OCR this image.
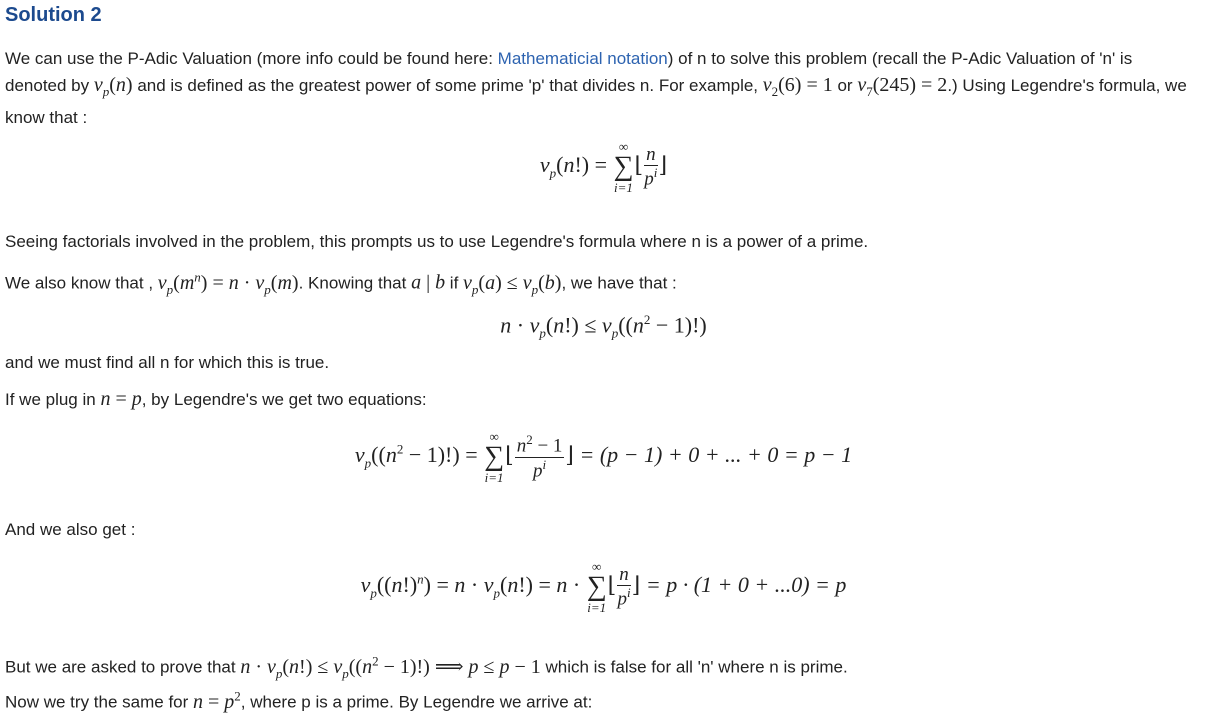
Solution 2
We can use the P-Adic Valuation (more info could be found here: Mathematicial notation) of n to solve this problem (recall the P-Adic Valuation of 'n' is denoted by $v_p(n)$ and is defined as the greatest power of some prime 'p' that divides n. For example, $v_2(6) = 1$ or $v_7(245) = 2$.) Using Legendre's formula, we know that :
$v_p(n!)$ =
∞
∑
i=1
⌊ $\frac{n}{p^i}$ ⌋
Seeing factorials involved in the problem, this prompts us to use Legendre's formula where n is a power of a prime.
We also know that , $v_p(m^n) = n \cdot v_p(m)$. Knowing that a | b if $v_p(a) \le v_p(b)$, we have that :
$n \cdot v_p(n!) \le v_p((n^2 - 1)!)$
and we must find all n for which this is true.
If we plug in n = p, by Legendre's we get two equations:
$v_p((n^2 - 1)!)$ =
∞
∑
i=1
⌊ $\frac{n^2 - 1}{p^i}$ ⌋ = (p − 1) + 0 + ... + 0 = p − 1
And we also get :
$v_p((n!)^n) = n \cdot v_p(n!) = n$ ·
∞
∑
i=1
⌊ $\frac{n}{p^i}$ ⌋ = p · (1 + 0 + ...0) = p
But we are asked to prove that $n \cdot v_p(n!) \le v_p((n^2 - 1)!)$ ⟹ p ≤ p − 1 which is false for all 'n' where n is prime.
Now we try the same for $n = p^2$, where p is a prime. By Legendre we arrive at:
